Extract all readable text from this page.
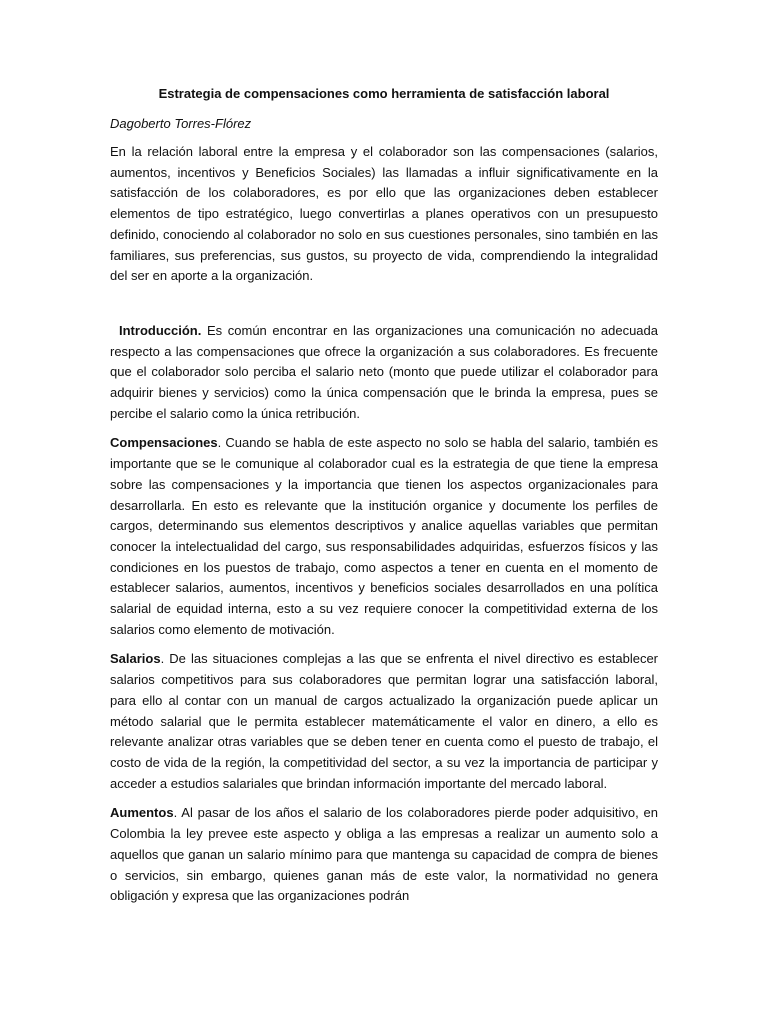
Estrategia de compensaciones como herramienta de satisfacción laboral
Dagoberto Torres-Flórez

En la relación laboral entre la empresa y el colaborador son las compensaciones (salarios, aumentos, incentivos y Beneficios Sociales) las llamadas a influir significativamente en la satisfacción de los colaboradores, es por ello que las organizaciones deben establecer elementos de tipo estratégico, luego convertirlas a planes operativos con un presupuesto definido, conociendo al colaborador no solo en sus cuestiones personales, sino también en las familiares, sus preferencias, sus gustos, su proyecto de vida, comprendiendo la integralidad del ser en aporte a la organización.

Introducción. Es común encontrar en las organizaciones una comunicación no adecuada respecto a las compensaciones que ofrece la organización a sus colaboradores. Es frecuente que el colaborador solo perciba el salario neto (monto que puede utilizar el colaborador para adquirir bienes y servicios) como la única compensación que le brinda la empresa, pues se percibe el salario como la única retribución.

Compensaciones. Cuando se habla de este aspecto no solo se habla del salario, también es importante que se le comunique al colaborador cual es la estrategia de que tiene la empresa sobre las compensaciones y la importancia que tienen los aspectos organizacionales para desarrollarla. En esto es relevante que la institución organice y documente los perfiles de cargos, determinando sus elementos descriptivos y analice aquellas variables que permitan conocer la intelectualidad del cargo, sus responsabilidades adquiridas, esfuerzos físicos y las condiciones en los puestos de trabajo, como aspectos a tener en cuenta en el momento de establecer salarios, aumentos, incentivos y beneficios sociales desarrollados en una política salarial de equidad interna, esto a su vez requiere conocer la competitividad externa de los salarios como elemento de motivación.

Salarios. De las situaciones complejas a las que se enfrenta el nivel directivo es establecer salarios competitivos para sus colaboradores que permitan lograr una satisfacción laboral, para ello al contar con un manual de cargos actualizado la organización puede aplicar un método salarial que le permita establecer matemáticamente el valor en dinero, a ello es relevante analizar otras variables que se deben tener en cuenta como el puesto de trabajo, el costo de vida de la región, la competitividad del sector, a su vez la importancia de participar y acceder a estudios salariales que brindan información importante del mercado laboral.

Aumentos. Al pasar de los años el salario de los colaboradores pierde poder adquisitivo, en Colombia la ley prevee este aspecto y obliga a las empresas a realizar un aumento solo a aquellos que ganan un salario mínimo para que mantenga su capacidad de compra de bienes o servicios, sin embargo, quienes ganan más de este valor, la normatividad no genera obligación y expresa que las organizaciones podrán
